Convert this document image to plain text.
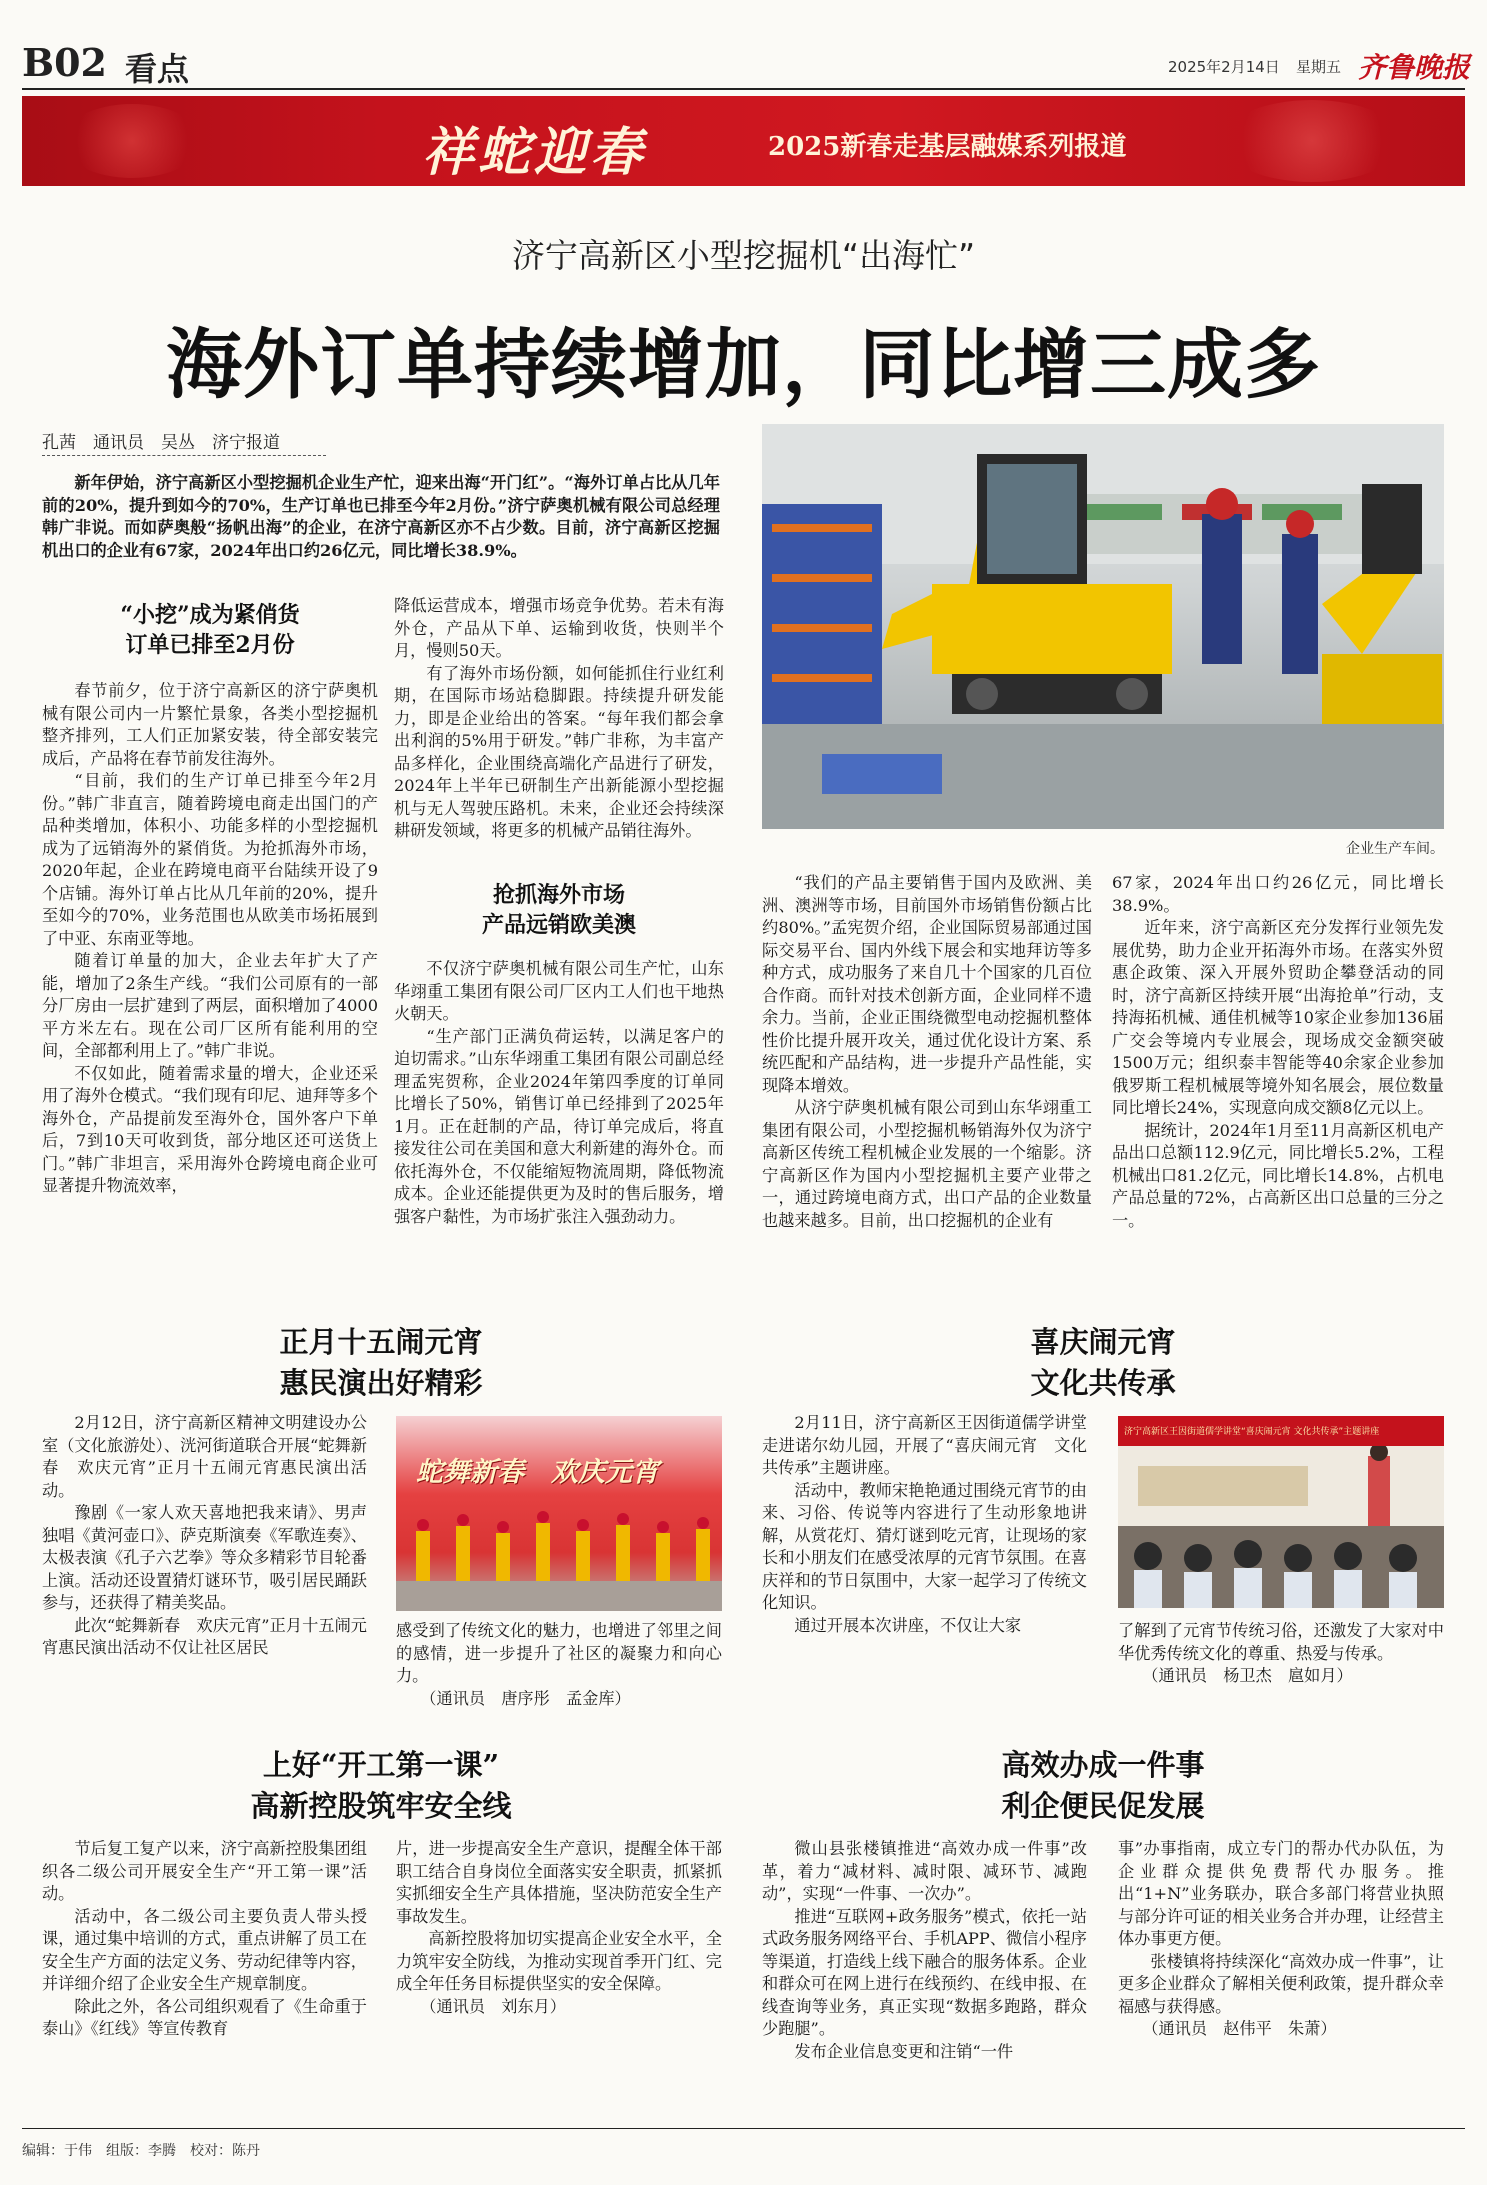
B02 看点	2025年2月14日 星期五 齐鲁晚报
祥蛇迎春	2025新春走基层融媒系列报道
济宁高新区小型挖掘机“出海忙”
海外订单持续增加，同比增三成多
孔茜　通讯员　吴丛　济宁报道

新年伊始，济宁高新区小型挖掘机企业生产忙，迎来出海“开门红”。“海外订单占比从几年前的20%，提升到如今的70%，生产订单也已排至今年2月份。”济宁萨奥机械有限公司总经理韩广非说。而如萨奥般“扬帆出海”的企业，在济宁高新区亦不占少数。目前，济宁高新区挖掘机出口的企业有67家，2024年出口约26亿元，同比增长38.9%。

“小挖”成为紧俏货
订单已排至2月份

春节前夕，位于济宁高新区的济宁萨奥机械有限公司内一片繁忙景象，各类小型挖掘机整齐排列，工人们正加紧安装，待全部安装完成后，产品将在春节前发往海外。

“目前，我们的生产订单已排至今年2月份。”韩广非直言，随着跨境电商走出国门的产品种类增加，体积小、功能多样的小型挖掘机成为了远销海外的紧俏货。为抢抓海外市场，2020年起，企业在跨境电商平台陆续开设了9个店铺。海外订单占比从几年前的20%，提升至如今的70%，业务范围也从欧美市场拓展到了中亚、东南亚等地。

随着订单量的加大，企业去年扩大了产能，增加了2条生产线。“我们公司原有的一部分厂房由一层扩建到了两层，面积增加了4000平方米左右。现在公司厂区所有能利用的空间，全部都利用上了。”韩广非说。

不仅如此，随着需求量的增大，企业还采用了海外仓模式。“我们现有印尼、迪拜等多个海外仓，产品提前发至海外仓，国外客户下单后，7到10天可收到货，部分地区还可送货上门。”韩广非坦言，采用海外仓跨境电商企业可显著提升物流效率，

降低运营成本，增强市场竞争优势。若未有海外仓，产品从下单、运输到收货，快则半个月，慢则50天。

有了海外市场份额，如何能抓住行业红利期，在国际市场站稳脚跟。持续提升研发能力，即是企业给出的答案。“每年我们都会拿出利润的5%用于研发。”韩广非称，为丰富产品多样化，企业围绕高端化产品进行了研发，2024年上半年已研制生产出新能源小型挖掘机与无人驾驶压路机。未来，企业还会持续深耕研发领域，将更多的机械产品销往海外。

抢抓海外市场
产品远销欧美澳

不仅济宁萨奥机械有限公司生产忙，山东华翊重工集团有限公司厂区内工人们也干地热火朝天。

“生产部门正满负荷运转，以满足客户的迫切需求。”山东华翊重工集团有限公司副总经理孟宪贺称，企业2024年第四季度的订单同比增长了50%，销售订单已经排到了2025年1月。正在赶制的产品，待订单完成后，将直接发往公司在美国和意大利新建的海外仓。而依托海外仓，不仅能缩短物流周期，降低物流成本。企业还能提供更为及时的售后服务，增强客户黏性，为市场扩张注入强劲动力。

企业生产车间。

“我们的产品主要销售于国内及欧洲、美洲、澳洲等市场，目前国外市场销售份额占比约80%。”孟宪贺介绍，企业国际贸易部通过国际交易平台、国内外线下展会和实地拜访等多种方式，成功服务了来自几十个国家的几百位合作商。而针对技术创新方面，企业同样不遗余力。当前，企业正围绕微型电动挖掘机整体性价比提升展开攻关，通过优化设计方案、系统匹配和产品结构，进一步提升产品性能，实现降本增效。

从济宁萨奥机械有限公司到山东华翊重工集团有限公司，小型挖掘机畅销海外仅为济宁高新区传统工程机械企业发展的一个缩影。济宁高新区作为国内小型挖掘机主要产业带之一，通过跨境电商方式，出口产品的企业数量也越来越多。目前，出口挖掘机的企业有

67家，2024年出口约26亿元，同比增长38.9%。

近年来，济宁高新区充分发挥行业领先发展优势，助力企业开拓海外市场。在落实外贸惠企政策、深入开展外贸助企攀登活动的同时，济宁高新区持续开展“出海抢单”行动，支持海拓机械、通佳机械等10家企业参加136届广交会等境内专业展会，现场成交金额突破1500万元；组织泰丰智能等40余家企业参加俄罗斯工程机械展等境外知名展会，展位数量同比增长24%，实现意向成交额8亿元以上。

据统计，2024年1月至11月高新区机电产品出口总额112.9亿元，同比增长5.2%，工程机械出口81.2亿元，同比增长14.8%，占机电产品总量的72%，占高新区出口总量的三分之一。

正月十五闹元宵
惠民演出好精彩

2月12日，济宁高新区精神文明建设办公室（文化旅游处）、洸河街道联合开展“蛇舞新春　欢庆元宵”正月十五闹元宵惠民演出活动。

豫剧《一家人欢天喜地把我来请》、男声独唱《黄河壶口》、萨克斯演奏《军歌连奏》、太极表演《孔子六艺拳》等众多精彩节目轮番上演。活动还设置猜灯谜环节，吸引居民踊跃参与，还获得了精美奖品。

此次“蛇舞新春　欢庆元宵”正月十五闹元宵惠民演出活动不仅让社区居民

蛇舞新春　欢庆元宵

感受到了传统文化的魅力，也增进了邻里之间的感情，进一步提升了社区的凝聚力和向心力。

（通讯员　唐序彤　孟金库）

喜庆闹元宵
文化共传承

2月11日，济宁高新区王因街道儒学讲堂走进诺尔幼儿园，开展了“喜庆闹元宵　文化共传承”主题讲座。

活动中，教师宋艳艳通过围绕元宵节的由来、习俗、传说等内容进行了生动形象地讲解，从赏花灯、猜灯谜到吃元宵，让现场的家长和小朋友们在感受浓厚的元宵节氛围。在喜庆祥和的节日氛围中，大家一起学习了传统文化知识。

通过开展本次讲座，不仅让大家

济宁高新区王因街道儒学讲堂“喜庆闹元宵 文化共传承”主题讲座

了解到了元宵节传统习俗，还激发了大家对中华优秀传统文化的尊重、热爱与传承。

（通讯员　杨卫杰　扈如月）

上好“开工第一课”
高新控股筑牢安全线

节后复工复产以来，济宁高新控股集团组织各二级公司开展安全生产“开工第一课”活动。

活动中，各二级公司主要负责人带头授课，通过集中培训的方式，重点讲解了员工在安全生产方面的法定义务、劳动纪律等内容，并详细介绍了企业安全生产规章制度。

除此之外，各公司组织观看了《生命重于泰山》《红线》等宣传教育

片，进一步提高安全生产意识，提醒全体干部职工结合自身岗位全面落实安全职责，抓紧抓实抓细安全生产具体措施，坚决防范安全生产事故发生。

高新控股将加切实提高企业安全水平，全力筑牢安全防线，为推动实现首季开门红、完成全年任务目标提供坚实的安全保障。

（通讯员　刘东月）

高效办成一件事
利企便民促发展

微山县张楼镇推进“高效办成一件事”改革，着力“减材料、减时限、减环节、减跑动”，实现“一件事、一次办”。

推进“互联网+政务服务”模式，依托一站式政务服务网络平台、手机APP、微信小程序等渠道，打造线上线下融合的服务体系。企业和群众可在网上进行在线预约、在线申报、在线查询等业务，真正实现“数据多跑路，群众少跑腿”。

发布企业信息变更和注销“一件

事”办事指南，成立专门的帮办代办队伍，为企业群众提供免费帮代办服务。推出“1+N”业务联办，联合多部门将营业执照与部分许可证的相关业务合并办理，让经营主体办事更方便。

张楼镇将持续深化“高效办成一件事”，让更多企业群众了解相关便利政策，提升群众幸福感与获得感。

（通讯员　赵伟平　朱萧）

编辑：于伟　组版：李腾　校对：陈丹
